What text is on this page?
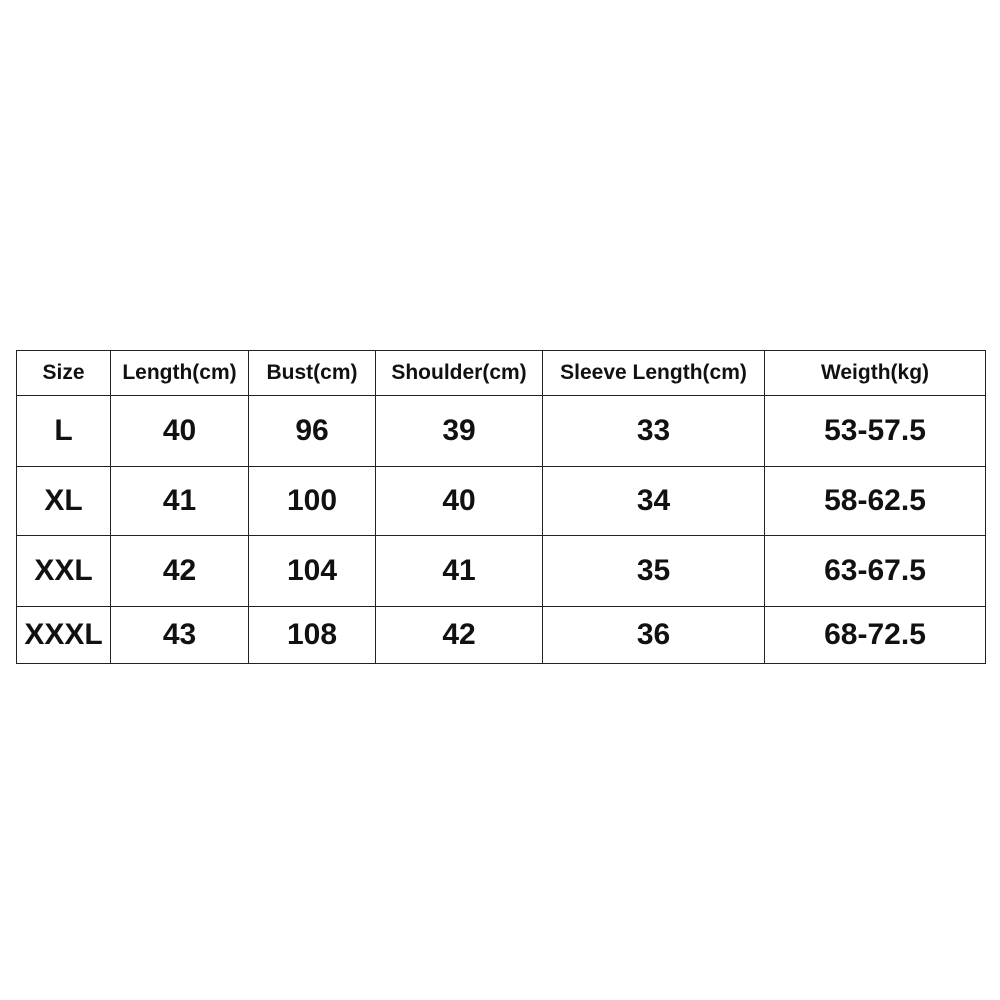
Size	Length(cm)	Bust(cm)	Shoulder(cm)	Sleeve Length(cm)	Weigth(kg)
L	40	96	39	33	53-57.5
XL	41	100	40	34	58-62.5
XXL	42	104	41	35	63-67.5
XXXL	43	108	42	36	68-72.5
